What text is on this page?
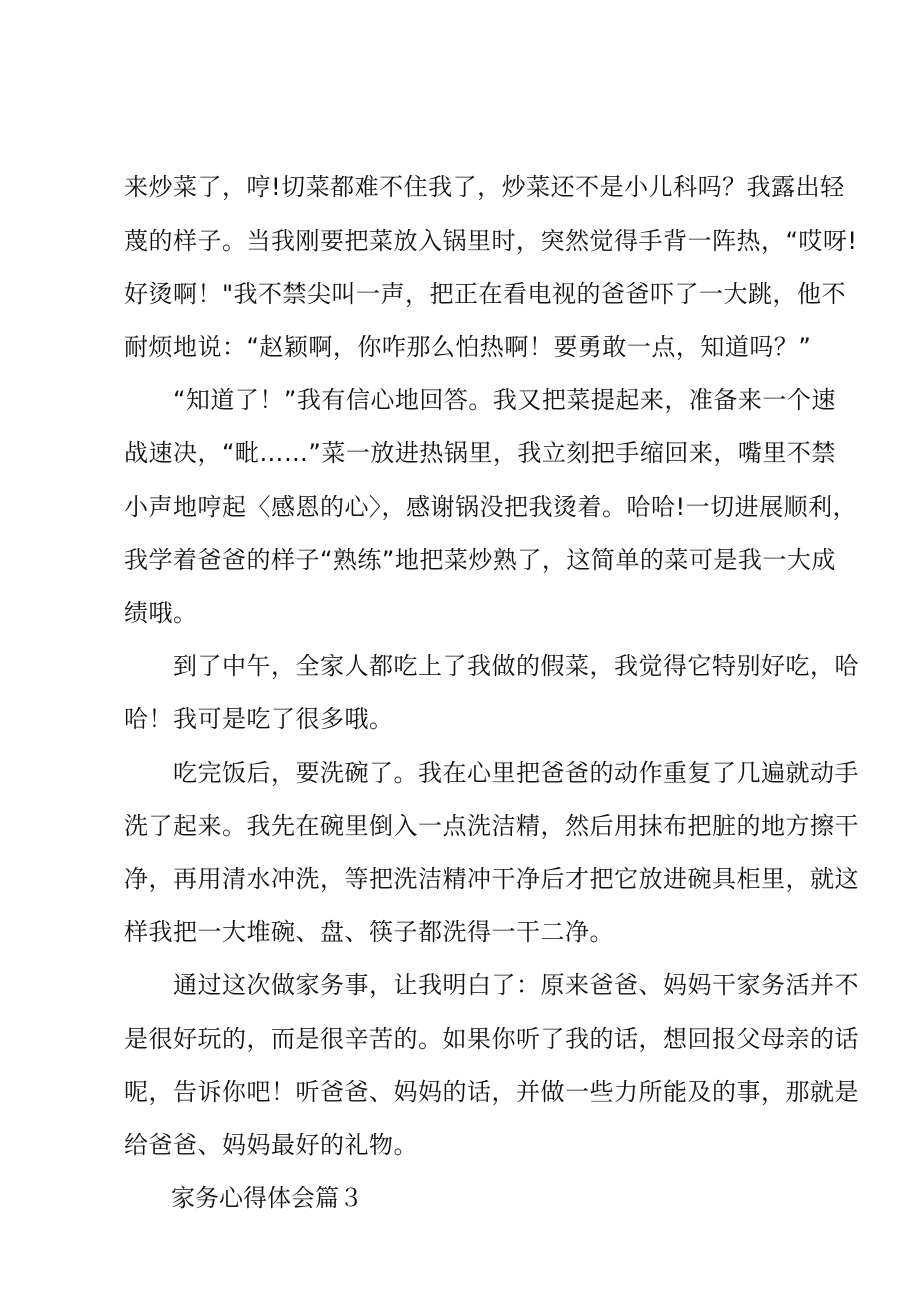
来炒菜了，哼!切菜都难不住我了，炒菜还不是小儿科吗？我露出轻
蔑的样子。当我刚要把菜放入锅里时，突然觉得手背一阵热，“哎呀!
好烫啊！"我不禁尖叫一声，把正在看电视的爸爸吓了一大跳，他不
耐烦地说：“赵颖啊，你咋那么怕热啊！要勇敢一点，知道吗？”
　　“知道了！”我有信心地回答。我又把菜提起来，准备来一个速
战速决，“毗……”菜一放进热锅里，我立刻把手缩回来，嘴里不禁
小声地哼起〈感恩的心〉，感谢锅没把我烫着。哈哈!一切进展顺利，
我学着爸爸的样子“熟练”地把菜炒熟了，这简单的菜可是我一大成
绩哦。
　　到了中午，全家人都吃上了我做的假菜，我觉得它特别好吃，哈
哈！我可是吃了很多哦。
　　吃完饭后，要洗碗了。我在心里把爸爸的动作重复了几遍就动手
洗了起来。我先在碗里倒入一点洗洁精，然后用抹布把脏的地方擦干
净，再用清水冲洗，等把洗洁精冲干净后才把它放进碗具柜里，就这
样我把一大堆碗、盘、筷子都洗得一干二净。
　　通过这次做家务事，让我明白了：原来爸爸、妈妈干家务活并不
是很好玩的，而是很辛苦的。如果你听了我的话，想回报父母亲的话
呢，告诉你吧！听爸爸、妈妈的话，并做一些力所能及的事，那就是
给爸爸、妈妈最好的礼物。
家务心得体会篇３
